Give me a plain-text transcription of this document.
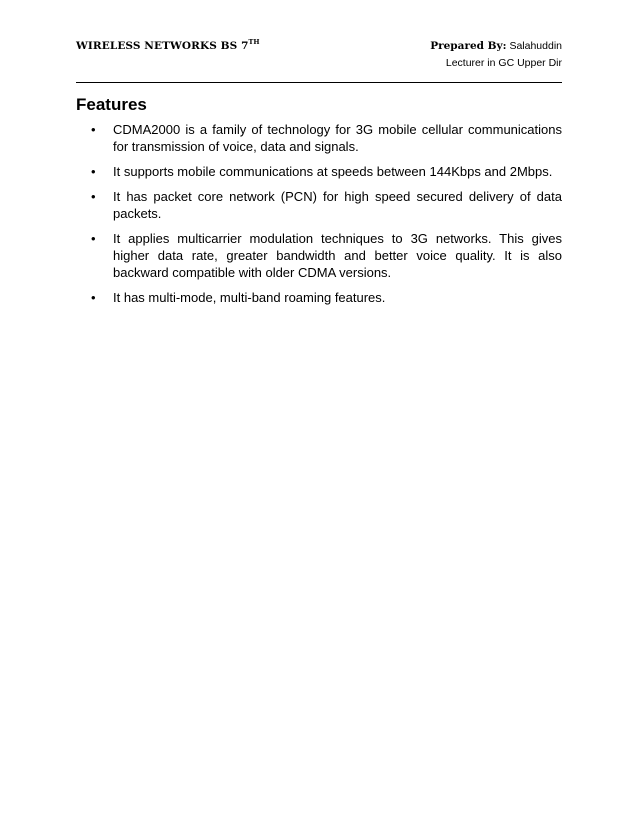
WIRELESS NETWORKS BS 7TH	Prepared By: Salahuddin
Lecturer in GC Upper Dir
Features
• CDMA2000 is a family of technology for 3G mobile cellular communications for transmission of voice, data and signals.
• It supports mobile communications at speeds between 144Kbps and 2Mbps.
• It has packet core network (PCN) for high speed secured delivery of data packets.
• It applies multicarrier modulation techniques to 3G networks. This gives higher data rate, greater bandwidth and better voice quality. It is also backward compatible with older CDMA versions.
• It has multi-mode, multi-band roaming features.
